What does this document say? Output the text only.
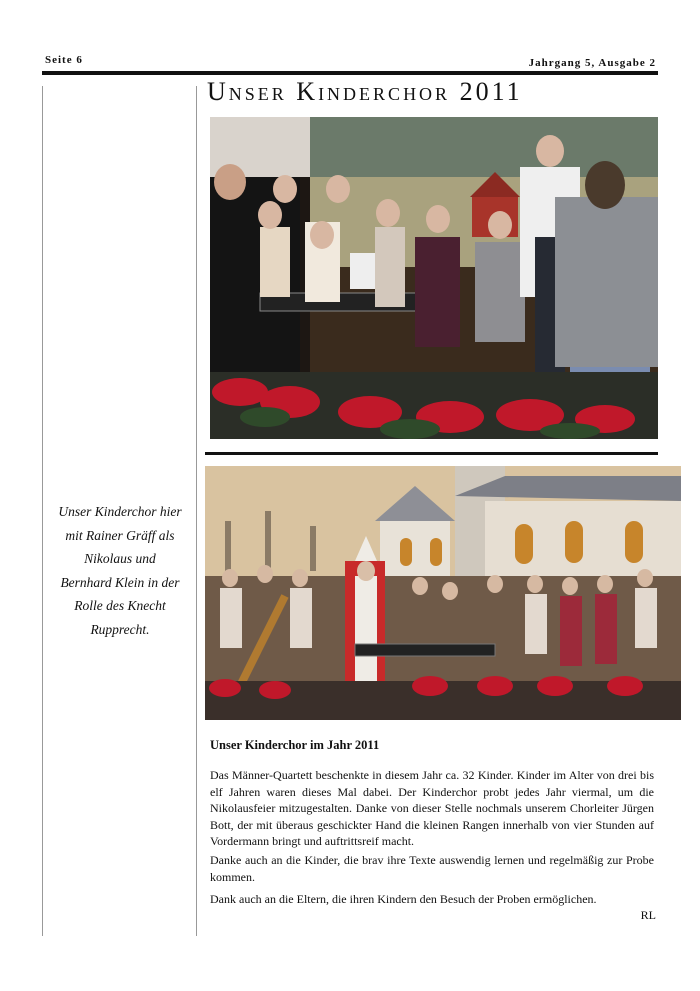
Seite 6	Jahrgang 5, Ausgabe 2
Unser Kinderchor 2011
Unser Kinderchor hier
mit Rainer Gräff als
Nikolaus und
Bernhard Klein in der
Rolle des Knecht
Rupprecht.
Unser Kinderchor im Jahr 2011

Das Männer-Quartett beschenkte in diesem Jahr ca. 32 Kinder. Kinder im Alter von drei bis elf Jahren waren dieses Mal dabei. Der Kinderchor probt jedes Jahr viermal, um die Nikolausfeier mitzugestalten. Danke von dieser Stelle nochmals unserem Chorleiter Jürgen Bott, der mit überaus geschickter Hand die kleinen Rangen innerhalb von vier Stunden auf Vordermann bringt und auftrittsreif macht.

Danke auch an die Kinder, die brav ihre Texte auswendig lernen und regelmäßig zur Probe kommen.

Dank auch an die Eltern, die ihren Kindern den Besuch der Proben ermöglichen.

RL
